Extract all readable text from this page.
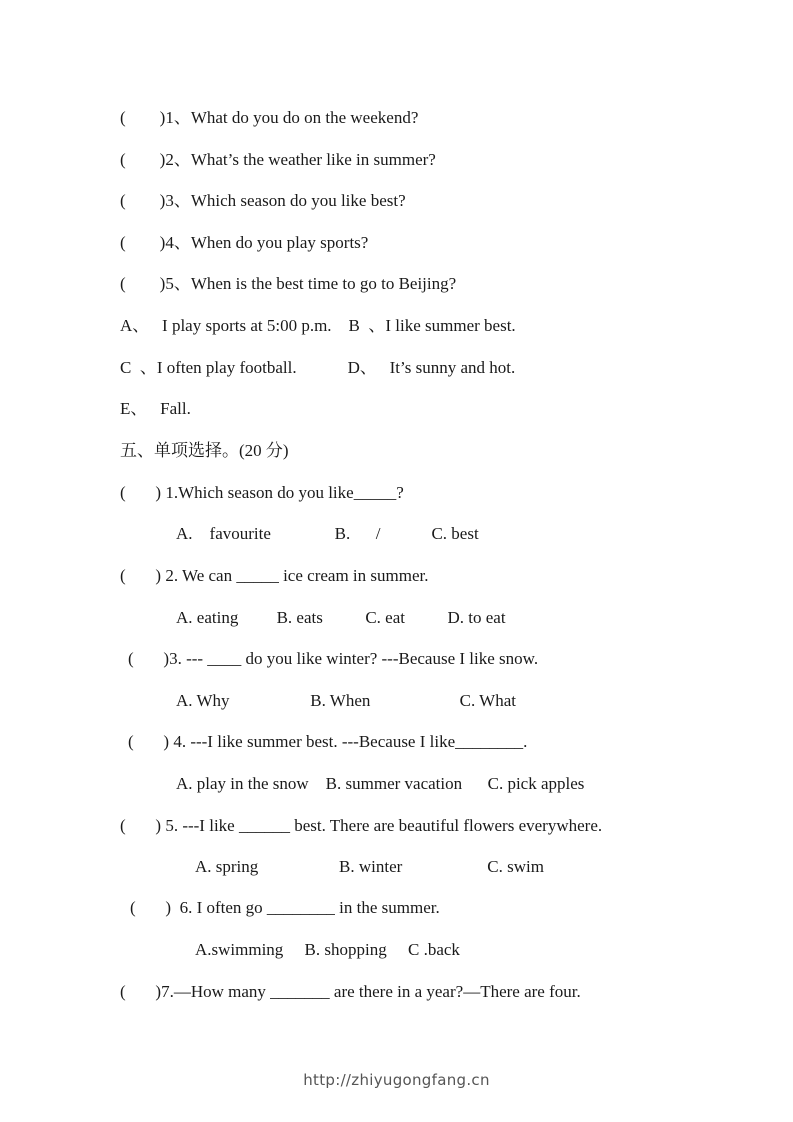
(        )1、What do you do on the weekend?
(        )2、What’s the weather like in summer?
(        )3、Which season do you like best?
(        )4、When do you play sports?
(        )5、When is the best time to go to Beijing?
A、   I play sports at 5:00 p.m.    B  、I like summer best.
C  、I often play football.            D、   It’s sunny and hot.
E、   Fall.
五、单项选择。(20 分)
(       ) 1.Which season do you like_____?
A.    favourite               B.      /            C. best
(       ) 2. We can _____ ice cream in summer.
A. eating         B. eats          C. eat          D. to eat
(       )3. --- ____ do you like winter? ---Because I like snow.
A. Why                   B. When                     C. What
(       ) 4. ---I like summer best. ---Because I like________.
A. play in the snow    B. summer vacation      C. pick apples
(       ) 5. ---I like ______ best. There are beautiful flowers everywhere.
A. spring                   B. winter                    C. swim
(       )  6. I often go ________ in the summer.
A.swimming     B. shopping     C .back
(       )7.—How many _______ are there in a year?—There are four.
http://zhiyugongfang.cn
